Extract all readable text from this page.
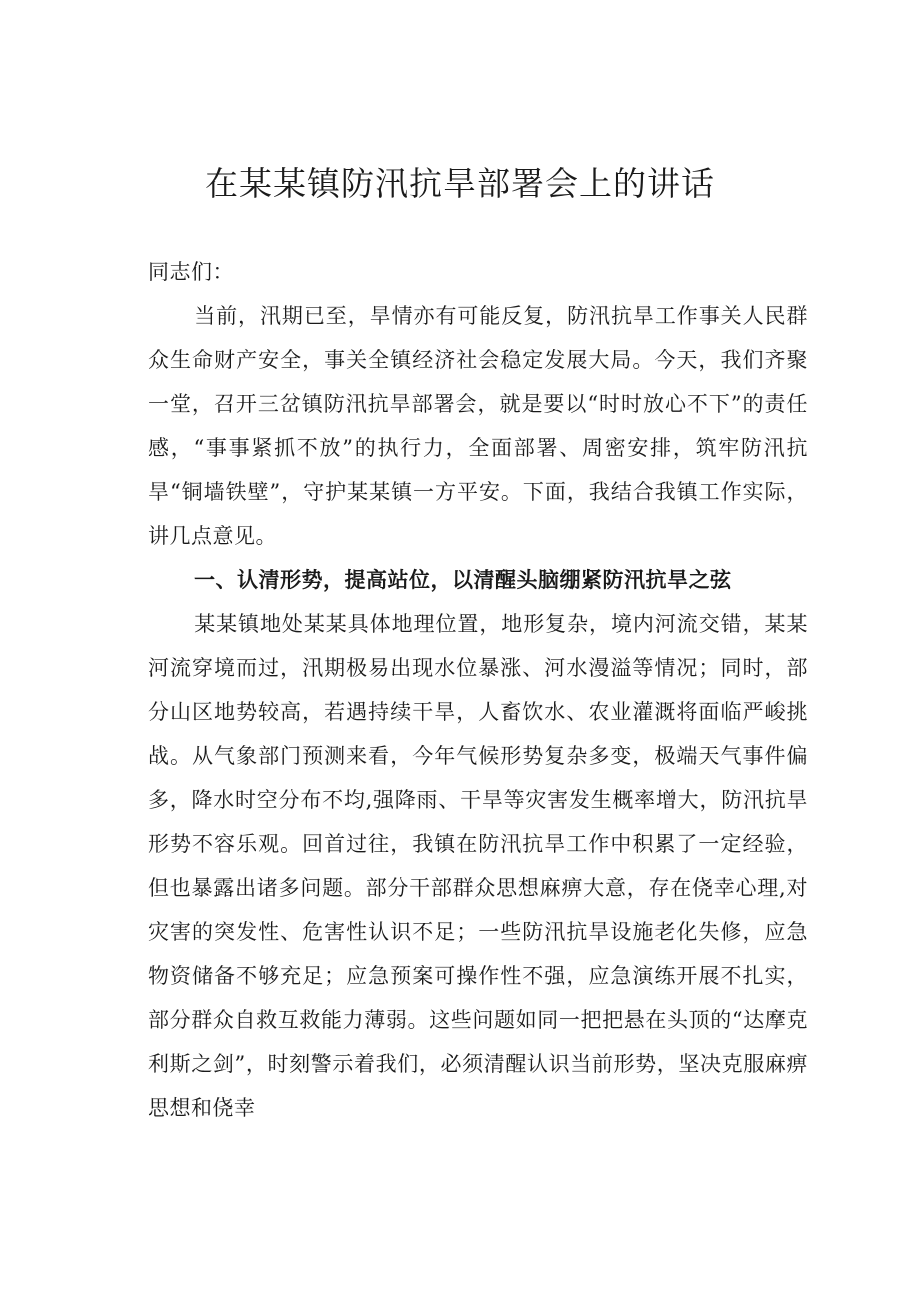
在某某镇防汛抗旱部署会上的讲话

同志们：

当前，汛期已至，旱情亦有可能反复，防汛抗旱工作事关人民群众生命财产安全，事关全镇经济社会稳定发展大局。今天，我们齐聚一堂，召开三岔镇防汛抗旱部署会，就是要以“时时放心不下”的责任感，“事事紧抓不放”的执行力，全面部署、周密安排，筑牢防汛抗旱“铜墙铁壁”，守护某某镇一方平安。下面，我结合我镇工作实际，讲几点意见。

一、认清形势，提高站位，以清醒头脑绷紧防汛抗旱之弦

某某镇地处某某具体地理位置，地形复杂，境内河流交错，某某河流穿境而过，汛期极易出现水位暴涨、河水漫溢等情况；同时，部分山区地势较高，若遇持续干旱，人畜饮水、农业灌溉将面临严峻挑战。从气象部门预测来看，今年气候形势复杂多变，极端天气事件偏多，降水时空分布不均,强降雨、干旱等灾害发生概率增大，防汛抗旱形势不容乐观。回首过往，我镇在防汛抗旱工作中积累了一定经验，但也暴露出诸多问题。部分干部群众思想麻痹大意，存在侥幸心理,对灾害的突发性、危害性认识不足；一些防汛抗旱设施老化失修，应急物资储备不够充足；应急预案可操作性不强，应急演练开展不扎实，部分群众自救互救能力薄弱。这些问题如同一把把悬在头顶的“达摩克利斯之剑”，时刻警示着我们，必须清醒认识当前形势，坚决克服麻痹思想和侥幸
